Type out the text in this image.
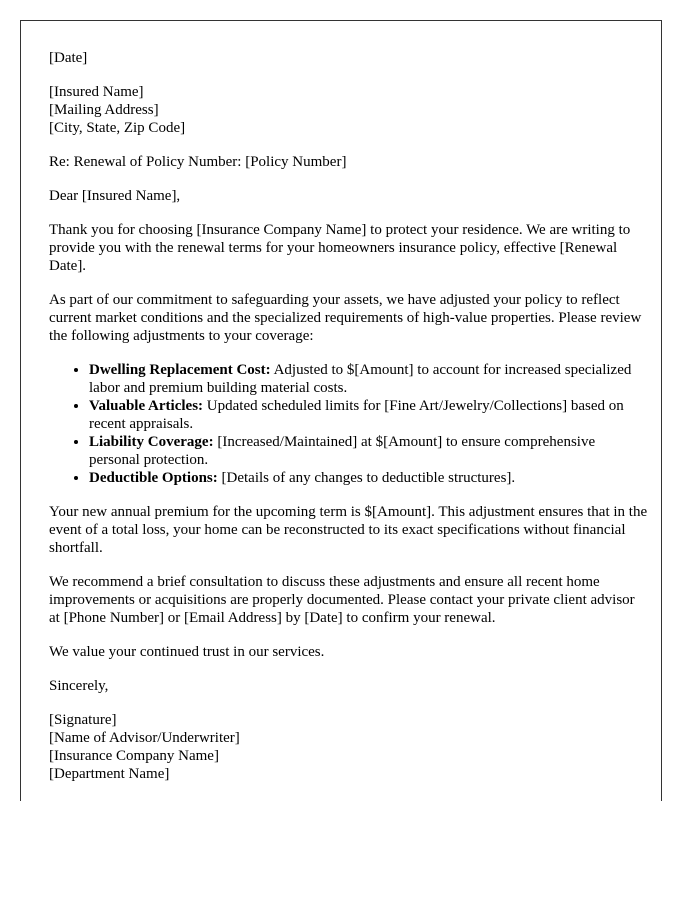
[Date]

[Insured Name]
[Mailing Address]
[City, State, Zip Code]

Re: Renewal of Policy Number: [Policy Number]

Dear [Insured Name],

Thank you for choosing [Insurance Company Name] to protect your residence. We are writing to provide you with the renewal terms for your homeowners insurance policy, effective [Renewal Date].

As part of our commitment to safeguarding your assets, we have adjusted your policy to reflect current market conditions and the specialized requirements of high-value properties. Please review the following adjustments to your coverage:

• Dwelling Replacement Cost: Adjusted to $[Amount] to account for increased specialized labor and premium building material costs.
• Valuable Articles: Updated scheduled limits for [Fine Art/Jewelry/Collections] based on recent appraisals.
• Liability Coverage: [Increased/Maintained] at $[Amount] to ensure comprehensive personal protection.
• Deductible Options: [Details of any changes to deductible structures].

Your new annual premium for the upcoming term is $[Amount]. This adjustment ensures that in the event of a total loss, your home can be reconstructed to its exact specifications without financial shortfall.

We recommend a brief consultation to discuss these adjustments and ensure all recent home improvements or acquisitions are properly documented. Please contact your private client advisor at [Phone Number] or [Email Address] by [Date] to confirm your renewal.

We value your continued trust in our services.

Sincerely,

[Signature]
[Name of Advisor/Underwriter]
[Insurance Company Name]
[Department Name]
